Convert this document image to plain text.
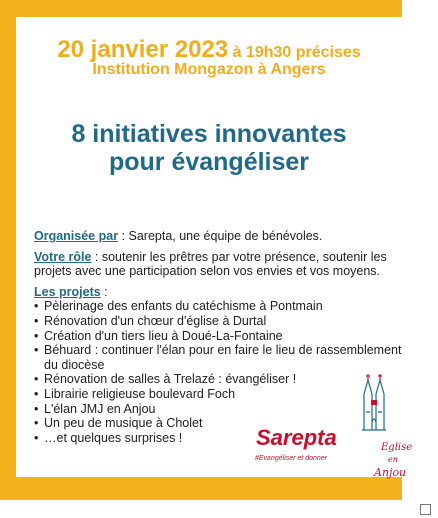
20 janvier 2023 à 19h30 précises
Institution Mongazon à Angers
8 initiatives innovantes
pour évangéliser

Organisée par : Sarepta, une équipe de bénévoles.

Votre rôle : soutenir les prêtres par votre présence, soutenir les projets avec une participation selon vos envies et vos moyens.

Les projets :
• Pèlerinage des enfants du catéchisme à Pontmain
• Rénovation d'un chœur d'église à Durtal
• Création d'un tiers lieu à Doué-La-Fontaine
• Béhuard : continuer l'élan pour en faire le lieu de rassemblement du diocèse
• Rénovation de salles à Trelazé : évangéliser !
• Librairie religieuse boulevard Foch
• L'élan JMJ en Anjou
• Un peu de musique à Cholet
• …et quelques surprises !	Sarepta
#Evangéliser et donner
Eglise
en
Anjou
